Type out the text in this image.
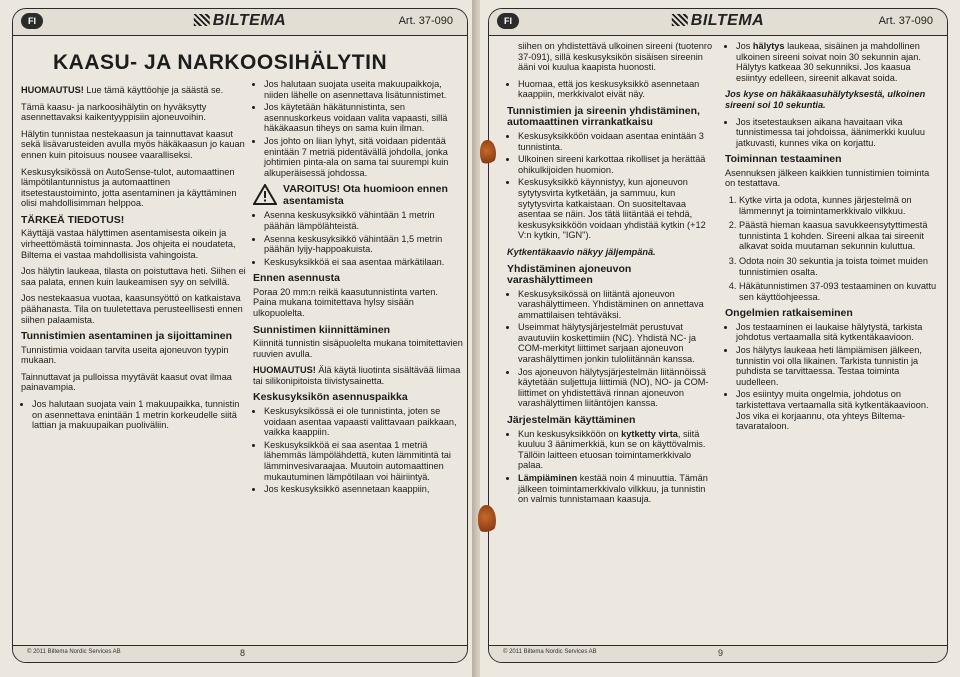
FI	BILTEMA	Art. 37-090
KAASU- JA NARKOOSIHÄLYTIN

HUOMAUTUS! Lue tämä käyttöohje ja säästä se.

Tämä kaasu- ja narkoosihälytin on hyväksytty asennettavaksi kaikentyyppisiin ajoneuvoihin.

Hälytin tunnistaa nestekaasun ja tainnuttavat kaasut sekä lisävarusteiden avulla myös häkäkaasun jo kauan ennen kuin pitoisuus nousee vaaralliseksi.

Keskusyksikössä on AutoSense-tulot, automaattinen lämpötilantunnistus ja automaattinen itsetestaustoiminto, jotta asentaminen ja käyttäminen olisi mahdollisimman helppoa.

TÄRKEÄ TIEDOTUS!

Käyttäjä vastaa hälyttimen asentamisesta oikein ja virheettömästä toiminnasta. Jos ohjeita ei noudateta, Biltema ei vastaa mahdollisista vahingoista.

Jos hälytin laukeaa, tilasta on poistuttava heti. Siihen ei saa palata, ennen kuin laukeamisen syy on selvillä.

Jos nestekaasua vuotaa, kaasunsyöttö on katkaistava päähanasta. Tila on tuuletettava perusteellisesti ennen siihen palaamista.

Tunnistimien asentaminen ja sijoittaminen

Tunnistimia voidaan tarvita useita ajoneuvon tyypin mukaan.

Tainnuttavat ja pulloissa myytävät kaasut ovat ilmaa painavampia.

• Jos halutaan suojata vain 1 makuupaikka, tunnistin on asennettava enintään 1 metrin korkeudelle siitä lattian ja makuupaikan puoliväliin.
• Jos halutaan suojata useita makuupaikkoja, niiden lähelle on asennettava lisätunnistimet.
• Jos käytetään häkätunnistinta, sen asennuskorkeus voidaan valita vapaasti, sillä häkäkaasun tiheys on sama kuin ilman.
• Jos johto on liian lyhyt, sitä voidaan pidentää enintään 7 metriä pidentävällä johdolla, jonka johtimien pinta-ala on sama tai suurempi kuin alkuperäisessä johdossa.
VAROITUS! Ota huomioon ennen asentamista
• Asenna keskusyksikkö vähintään 1 metrin päähän lämpölähteistä.
• Asenna keskusyksikkö vähintään 1,5 metrin päähän lyijy-happoakuista.
• Keskusyksikköä ei saa asentaa märkätilaan.
Ennen asennusta

Poraa 20 mm:n reikä kaasutunnistinta varten. Paina mukana toimitettava hylsy sisään ulkopuolelta.

Sunnistimen kiinnittäminen

Kiinnitä tunnistin sisäpuolelta mukana toimitettavien ruuvien avulla.

HUOMAUTUS! Älä käytä liuotinta sisältävää liimaa tai silikonipitoista tiivistysainetta.

Keskusyksikön asennuspaikka
• Keskusyksikössä ei ole tunnistinta, joten se voidaan asentaa vapaasti valittavaan paikkaan, vaikka kaappiin.
• Keskusyksikköä ei saa asentaa 1 metriä lähemmäs lämpölähdettä, kuten lämmitintä tai lämminvesivaraajaa. Muutoin automaattinen mukautuminen lämpötilaan voi häiriintyä.
• Jos keskusyksikkö asennetaan kaappiin,
© 2011 Biltema Nordic Services AB	8
FI	BILTEMA	Art. 37-090

siihen on yhdistettävä ulkoinen sireeni (tuotenro 37-091), sillä keskusyksikön sisäisen sireenin ääni voi kuulua kaapista huonosti.

• Huomaa, että jos keskusyksikkö asennetaan kaappiin, merkkivalot eivät näy.
Tunnistimien ja sireenin yhdistäminen, automaattinen virrankatkaisu
• Keskusyksikköön voidaan asentaa enintään 3 tunnistinta.
• Ulkoinen sireeni karkottaa rikolliset ja herättää ohikulkijoiden huomion.
• Keskusyksikkö käynnistyy, kun ajoneuvon sytytysvirta kytketään, ja sammuu, kun sytytysvirta katkaistaan. On suositeltavaa asentaa se näin. Jos tätä liitäntää ei tehdä, keskusyksikköön voidaan yhdistää kytkin (+12 V:n kytkin, "IGN").

Kytkentäkaavio näkyy jäljempänä.

Yhdistäminen ajoneuvon varashälyttimeen
• Keskusyksikössä on liitäntä ajoneuvon varashälyttimeen. Yhdistäminen on annettava ammattilaisen tehtäväksi.
• Useimmat hälytysjärjestelmät perustuvat avautuviin koskettimiin (NC). Yhdistä NC- ja COM-merkityt liittimet sarjaan ajoneuvon varashälyttimen jonkin tuloliitännän kanssa.
• Jos ajoneuvon hälytysjärjestelmän liitännöissä käytetään suljettuja liittimiä (NO), NO- ja COM-liittimet on yhdistettävä rinnan ajoneuvon varashälyttimen liitäntöjen kanssa.
Järjestelmän käyttäminen
• Kun keskusyksikköön on kytketty virta, siitä kuuluu 3 äänimerkkiä, kun se on käyttövalmis. Tällöin laitteen etuosan toimintamerkkivalo palaa.
• Lämpiäminen kestää noin 4 minuuttia. Tämän jälkeen toimintamerkkivalo vilkkuu, ja tunnistin on valmis tunnistamaan kaasuja.
• Jos hälytys laukeaa, sisäinen ja mahdollinen ulkoinen sireeni soivat noin 30 sekunnin ajan. Hälytys katkeaa 30 sekunniksi. Jos kaasua esiintyy edelleen, sireenit alkavat soida.

Jos kyse on häkäkaasuhälytyksestä, ulkoinen sireeni soi 10 sekuntia.

• Jos itsetestauksen aikana havaitaan vika tunnistimessa tai johdoissa, äänimerkki kuuluu jatkuvasti, kunnes vika on korjattu.
Toiminnan testaaminen

Asennuksen jälkeen kaikkien tunnistimien toiminta on testattava.

1. Kytke virta ja odota, kunnes järjestelmä on lämmennyt ja toimintamerkkivalo vilkkuu.
2. Päästä hieman kaasua savukkeensytyttimestä tunnistinta 1 kohden. Sireeni alkaa tai sireenit alkavat soida muutaman sekunnin kuluttua.
3. Odota noin 30 sekuntia ja toista toimet muiden tunnistimien osalta.
4. Häkätunnistimen 37-093 testaaminen on kuvattu sen käyttöohjeessa.
Ongelmien ratkaiseminen
• Jos testaaminen ei laukaise hälytystä, tarkista johdotus vertaamalla sitä kytkentäkaavioon.
• Jos hälytys laukeaa heti lämpiämisen jälkeen, tunnistin voi olla likainen. Tarkista tunnistin ja puhdista se tarvittaessa. Testaa toiminta uudelleen.
• Jos esiintyy muita ongelmia, johdotus on tarkistettava vertaamalla sitä kytkentäkaavioon. Jos vika ei korjaannu, ota yhteys Biltema-tavarataloon.
© 2011 Biltema Nordic Services AB	9
